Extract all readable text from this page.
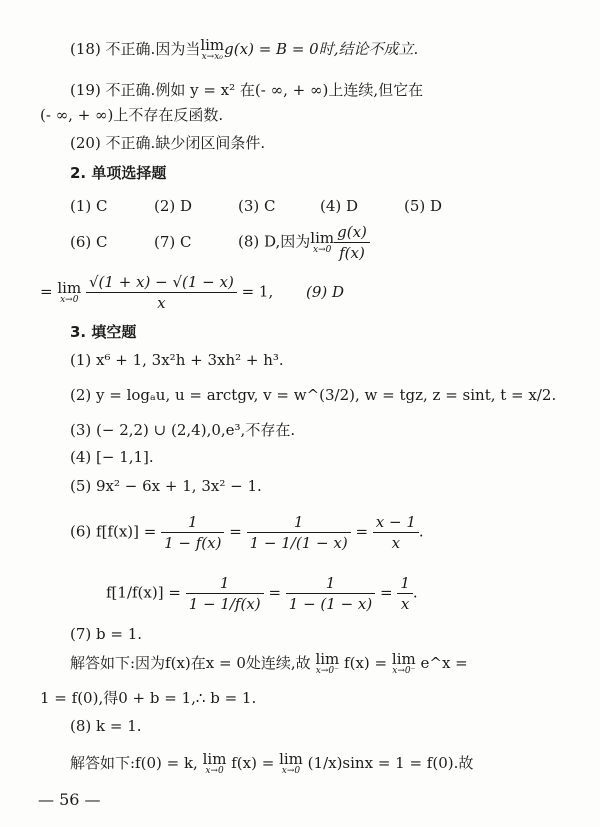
(18) 不正确.因为当lim
x→x₀ g(x) = B = 0时,结论不成立.
(19) 不正确.例如 y = x² 在(- ∞, + ∞)上连续,但它在
(- ∞, + ∞)上不存在反函数.
(20) 不正确.缺少闭区间条件.
2. 单项选择题
(1) C	(2) D	(3) C	(4) D	(5) D
(6) C	(7) C	(8) D,因为lim
$x\to 0 \frac{g(x)}{f(x)}$
= lim
x→0
$\frac{√(1 + x) - √(1 - x)}{x} = 1$, (9) D
3. 填空题
(1) x⁶ + 1, 3x²h + 3xh² + h³.
(2) y = logₐu, u = arctgv, v = w^(3/2), w = tgz, z = sint, t = x/2.
(3) (− 2,2) ∪ (2,4),0,e³,不存在.
(4) [− 1,1].
(5) 9x² − 6x + 1, 3x² − 1.
(6) $f[f(x)] = \frac{1}{1 - f(x)} = \frac{1}{1 - 1/(1 - x)} = \frac{x - 1}{x}$ .
$f[1/f(x)] = \frac{1}{1 - 1/f(x)} = \frac{1}{1 - (1 - x)} = \frac{1}{x}$ .
(7) b = 1.
解答如下:因为f(x)在x = 0处连续,故 lim
x→0⁻ f(x) = lim
x→0⁻ e^x =
1 = f(0),得0 + b = 1,∴ b = 1.
(8) k = 1.
解答如下:f(0) = k, lim
x→0 f(x) = lim
x→0 (1/x)sinx = 1 = f(0).故
— 56 —
